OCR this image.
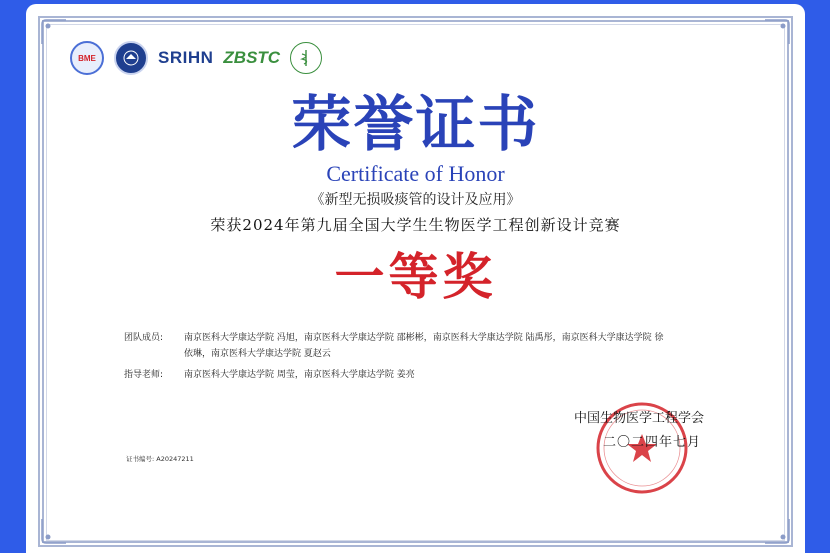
BME	SRIHN ZBSTC
荣誉证书
Certificate of Honor
《新型无损吸痰管的设计及应用》
荣获2024年第九届全国大学生生物医学工程创新设计竞赛
一等奖
团队成员:	南京医科大学康达学院 冯旭，南京医科大学康达学院 邵彬彬，南京医科大学康达学院 陆禹彤，南京医科大学康达学院 徐
依琳，南京医科大学康达学院 夏赵云
指导老师:	南京医科大学康达学院 周莹，南京医科大学康达学院 姜亮
证书编号: A20247211
中国生物医学工程学会
二〇二四年七月
